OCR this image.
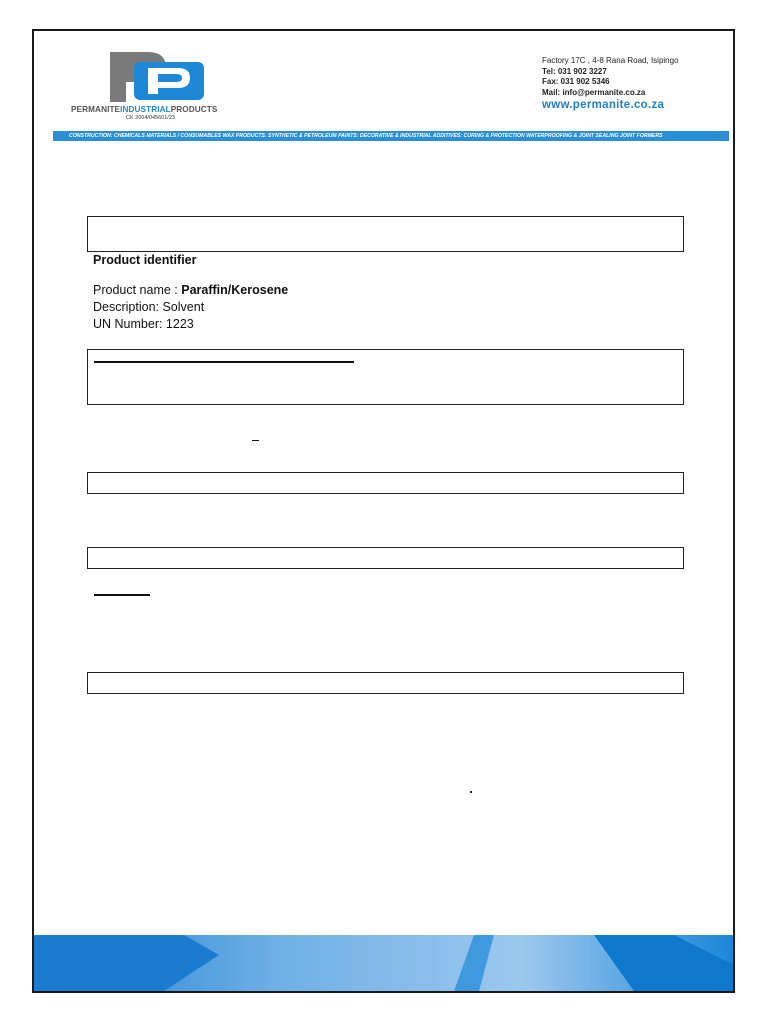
PERMANITEINDUSTRIALPRODUCTS
CK 2004/045601/23
Factory 17C , 4-8 Rana Road, Isipingo
Tel: 031 902 3227
Fax: 031 902 5346
Mail: info@permanite.co.za
www.permanite.co.za
CONSTRUCTION: CHEMICALS MATERIALS / CONSUMABLES WAX PRODUCTS: SYNTHETIC & PETROLEUM PAINTS: DECORATIVE & INDUSTRIAL ADDITIVES: CURING & PROTECTION WATERPROOFING & JOINT SEALING JOINT FORMERS
Product identifier
Product name : Paraffin/Kerosene
Description: Solvent
UN Number: 1223
